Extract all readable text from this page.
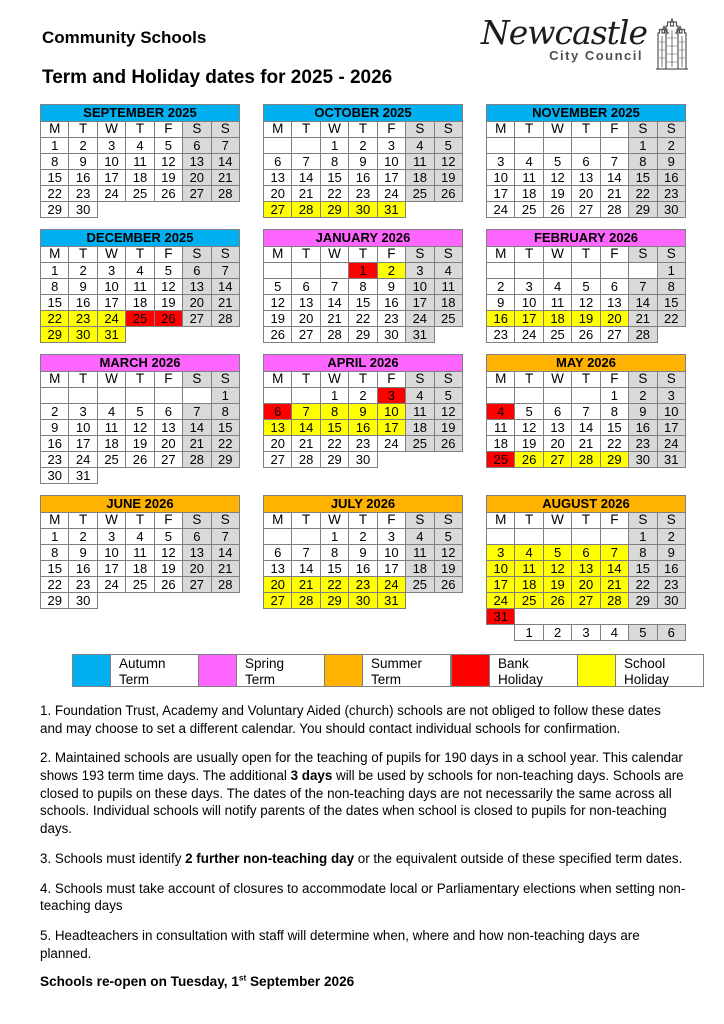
Community Schools	Newcastle
City Council
Term and Holiday dates for 2025 - 2026
SEPTEMBER 2025						
M	T	W	T	F	S	S
1	2	3	4	5	6	7
8	9	10	11	12	13	14
15	16	17	18	19	20	21
22	23	24	25	26	27	28
29	30					
OCTOBER 2025						
M	T	W	T	F	S	S
		1	2	3	4	5
6	7	8	9	10	11	12
13	14	15	16	17	18	19
20	21	22	23	24	25	26
27	28	29	30	31		
NOVEMBER 2025						
M	T	W	T	F	S	S
					1	2
3	4	5	6	7	8	9
10	11	12	13	14	15	16
17	18	19	20	21	22	23
24	25	26	27	28	29	30
DECEMBER 2025						
M	T	W	T	F	S	S
1	2	3	4	5	6	7
8	9	10	11	12	13	14
15	16	17	18	19	20	21
22	23	24	25	26	27	28
29	30	31				
JANUARY 2026						
M	T	W	T	F	S	S
			1	2	3	4
5	6	7	8	9	10	11
12	13	14	15	16	17	18
19	20	21	22	23	24	25
26	27	28	29	30	31	
FEBRUARY 2026						
M	T	W	T	F	S	S
						1
2	3	4	5	6	7	8
9	10	11	12	13	14	15
16	17	18	19	20	21	22
23	24	25	26	27	28	
MARCH 2026						
M	T	W	T	F	S	S
						1
2	3	4	5	6	7	8
9	10	11	12	13	14	15
16	17	18	19	20	21	22
23	24	25	26	27	28	29
30	31					
APRIL 2026						
M	T	W	T	F	S	S
		1	2	3	4	5
6	7	8	9	10	11	12
13	14	15	16	17	18	19
20	21	22	23	24	25	26
27	28	29	30			
MAY 2026						
M	T	W	T	F	S	S
				1	2	3
4	5	6	7	8	9	10
11	12	13	14	15	16	17
18	19	20	21	22	23	24
25	26	27	28	29	30	31
JUNE 2026						
M	T	W	T	F	S	S
1	2	3	4	5	6	7
8	9	10	11	12	13	14
15	16	17	18	19	20	21
22	23	24	25	26	27	28
29	30					
JULY 2026						
M	T	W	T	F	S	S
		1	2	3	4	5
6	7	8	9	10	11	12
13	14	15	16	17	18	19
20	21	22	23	24	25	26
27	28	29	30	31		
AUGUST 2026						
M	T	W	T	F	S	S
					1	2
3	4	5	6	7	8	9
10	11	12	13	14	15	16
17	18	19	20	21	22	23
24	25	26	27	28	29	30
31						
	1	2	3	4	5	6
Autumn
Term
Spring
Term
Summer
Term
Bank
Holiday
School
Holiday

1. Foundation Trust, Academy and Voluntary Aided (church) schools are not obliged to follow these dates and may choose to set a different calendar. You should contact individual schools for confirmation.

2. Maintained schools are usually open for the teaching of pupils for 190 days in a school year. This calendar shows 193 term time days. The additional 3 days will be used by schools for non-teaching days. Schools are closed to pupils on these days. The dates of the non-teaching days are not necessarily the same across all schools. Individual schools will notify parents of the dates when school is closed to pupils for non-teaching days.

3. Schools must identify 2 further non-teaching day or the equivalent outside of these specified term dates.

4. Schools must take account of closures to accommodate local or Parliamentary elections when setting non-teaching days

5. Headteachers in consultation with staff will determine when, where and how non-teaching days are planned.

Schools re-open on Tuesday, 1st September 2026
